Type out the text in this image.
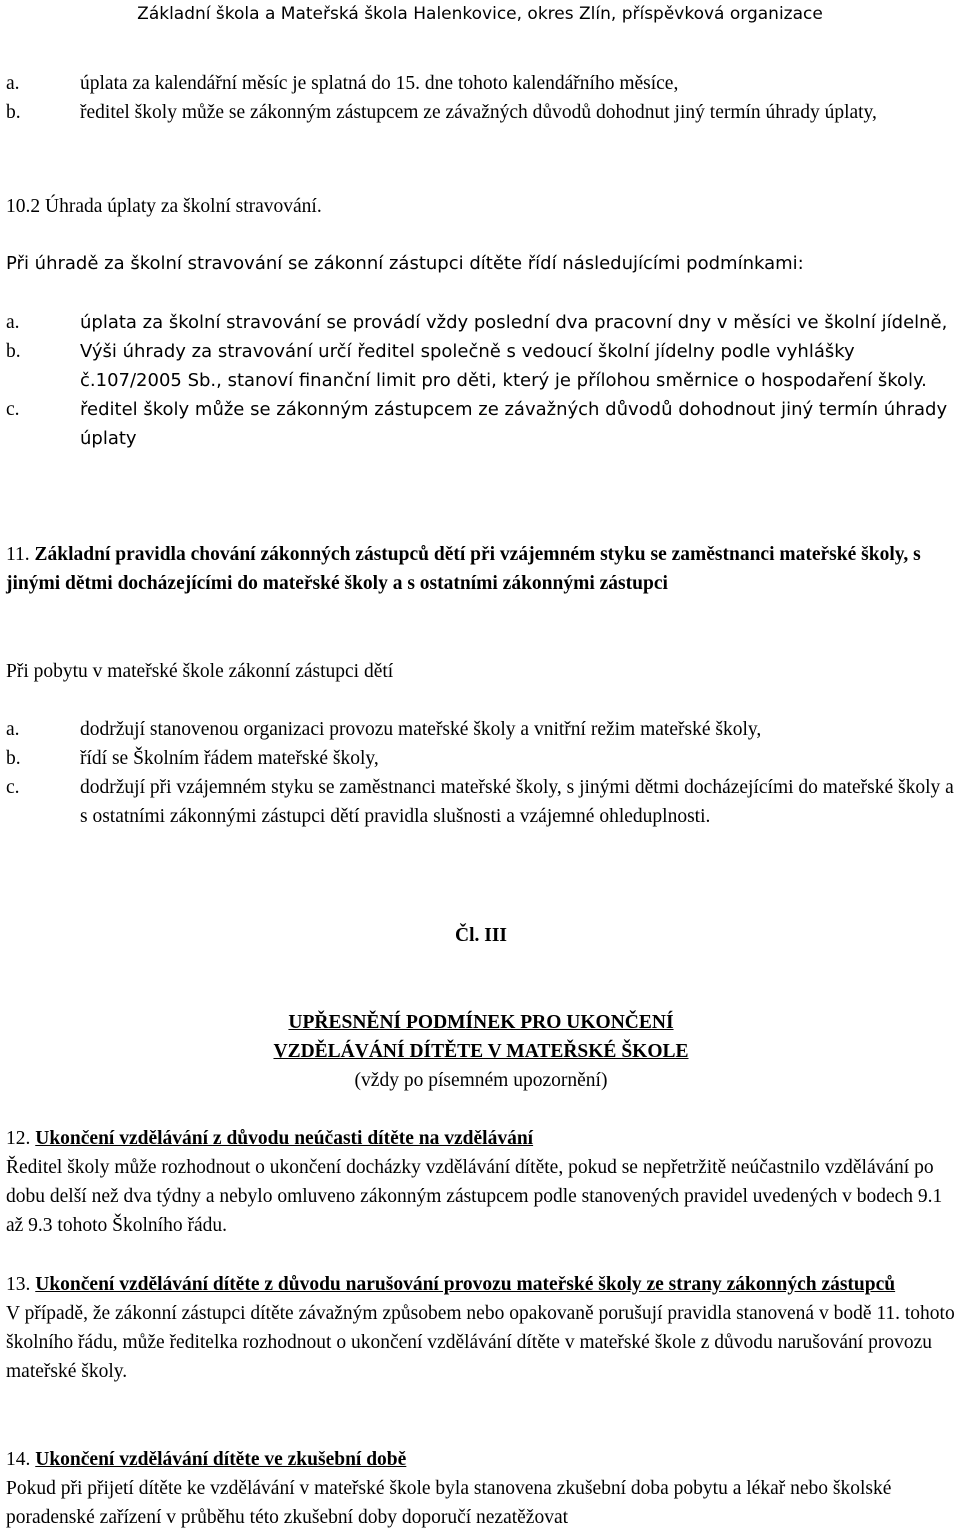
Základní škola a Mateřská škola Halenkovice, okres Zlín, příspěvková organizace
a.	úplata za kalendářní měsíc je splatná do 15. dne tohoto kalendářního měsíce,
b.	ředitel školy může se zákonným zástupcem ze závažných důvodů dohodnut jiný termín úhrady úplaty,
10.2 Úhrada úplaty za školní stravování.
Při úhradě za školní stravování se zákonní zástupci dítěte řídí následujícími podmínkami:
a.	úplata za školní stravování se provádí vždy poslední dva pracovní dny v měsíci ve školní jídelně,
b.	Výši úhrady za stravování určí ředitel společně s vedoucí školní jídelny podle vyhlášky č.107/2005 Sb., stanoví finanční limit pro děti, který je přílohou směrnice o hospodaření školy.
c.	ředitel školy může se zákonným zástupcem ze závažných důvodů dohodnout jiný termín úhrady úplaty
11. Základní pravidla chování zákonných zástupců dětí při vzájemném styku se zaměstnanci mateřské školy, s jinými dětmi docházejícími do mateřské školy a s ostatními zákonnými zástupci
Při pobytu v mateřské škole zákonní zástupci dětí
a.	dodržují stanovenou organizaci provozu mateřské školy a vnitřní režim mateřské školy,
b.	řídí se Školním řádem mateřské školy,
c.	dodržují při vzájemném styku se zaměstnanci mateřské školy, s jinými dětmi docházejícími do mateřské školy a s ostatními zákonnými zástupci dětí pravidla slušnosti a vzájemné ohleduplnosti.
Čl. III
UPŘESNĚNÍ PODMÍNEK PRO UKONČENÍ
VZDĚLÁVÁNÍ DÍTĚTE V MATEŘSKÉ ŠKOLE
(vždy po písemném upozornění)
12. Ukončení vzdělávání z důvodu neúčasti dítěte na vzdělávání
Ředitel školy může rozhodnout o ukončení docházky vzdělávání dítěte, pokud se nepřetržitě neúčastnilo vzdělávání po dobu delší než dva týdny a nebylo omluveno zákonným zástupcem podle stanovených pravidel uvedených v bodech 9.1 až 9.3 tohoto Školního řádu.
13. Ukončení vzdělávání dítěte z důvodu narušování provozu mateřské školy ze strany zákonných zástupců
V případě, že zákonní zástupci dítěte závažným způsobem nebo opakovaně porušují pravidla stanovená v bodě 11. tohoto školního řádu, může ředitelka rozhodnout o ukončení vzdělávání dítěte v mateřské škole z důvodu narušování provozu mateřské školy.
14. Ukončení vzdělávání dítěte ve zkušební době
Pokud při přijetí dítěte ke vzdělávání v mateřské škole byla stanovena zkušební doba pobytu a lékař nebo školské poradenské zařízení v průběhu této zkušební doby doporučí nezatěžovat
